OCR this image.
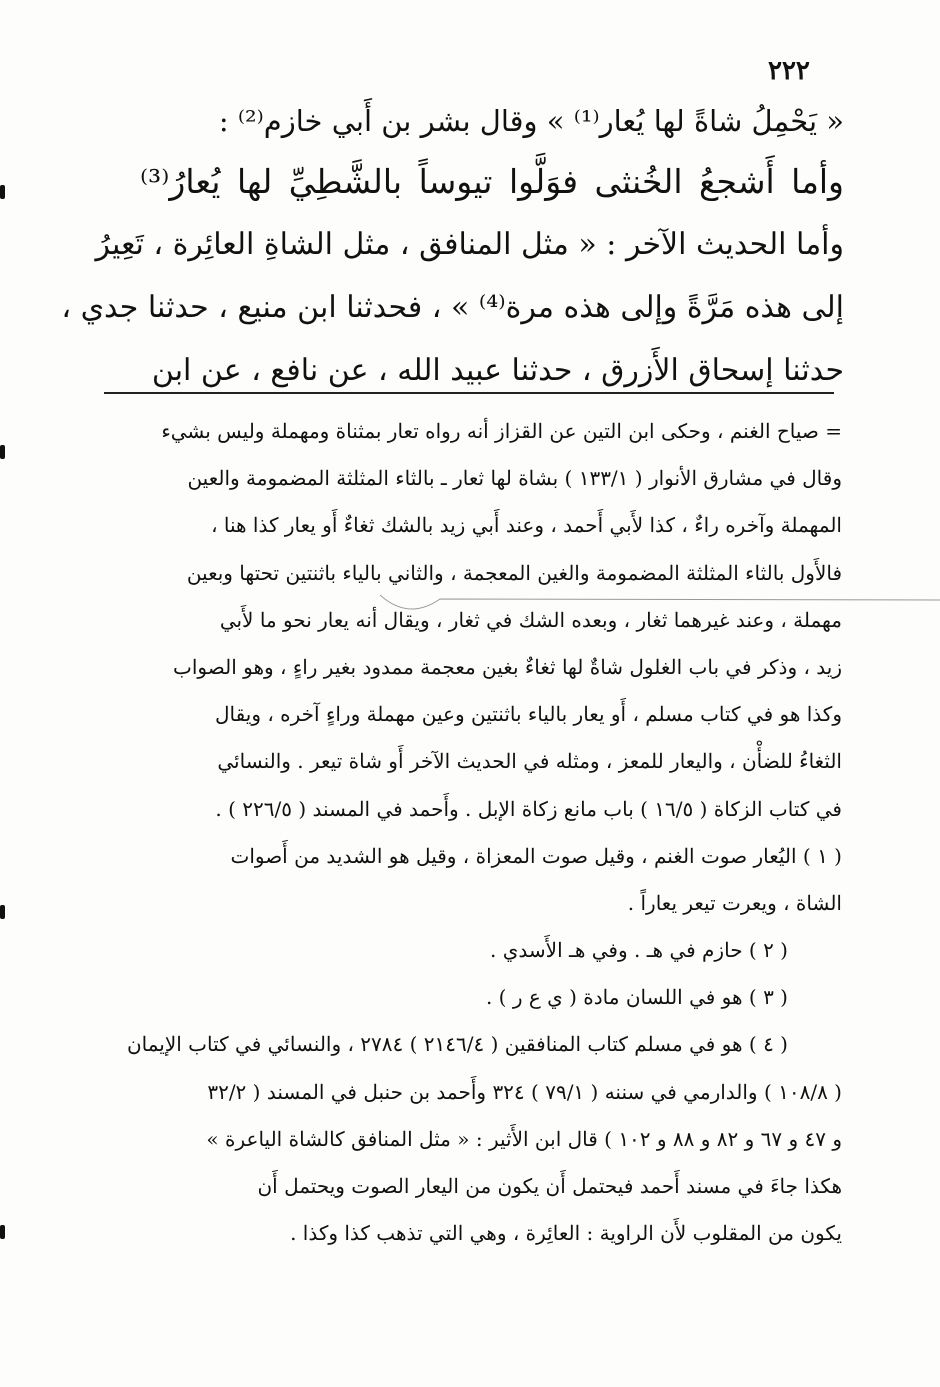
٢٢٢
« يَحْمِلُ شاةً لها يُعار⁽¹⁾ » وقال بشر بن أَبي خازم⁽²⁾ :
وأما أَشجعُ الخُنثى فوَلَّوا تيوساً بالشَّطِيِّ لها يُعارُ⁽³⁾
وأما الحديث الآخر : « مثل المنافق ، مثل الشاةِ العائِرة ، تَعِيرُ
إلى هذه مَرَّةً وإلى هذه مرة⁽⁴⁾ » ، فحدثنا ابن منيع ، حدثنا جدي ،
حدثنا إسحاق الأَزرق ، حدثنا عبيد الله ، عن نافع ، عن ابن
= صياح الغنم ، وحكى ابن التين عن القزاز أنه رواه تعار بمثناة ومهملة وليس بشيء
وقال في مشارق الأنوار ( ١٣٣/١ ) بشاة لها ثعار ـ بالثاء المثلثة المضمومة والعين
المهملة وآخره راءٌ ، كذا لأَبي أَحمد ، وعند أَبي زيد بالشك ثغاءٌ أَو يعار كذا هنا ،
فالأَول بالثاء المثلثة المضمومة والغين المعجمة ، والثاني بالياء باثنتين تحتها وبعين
مهملة ، وعند غيرهما ثغار ، وبعده الشك في ثغار ، ويقال أنه يعار نحو ما لأَبي
زيد ، وذكر في باب الغلول شاةٌ لها ثغاءٌ بغين معجمة ممدود بغير راءٍ ، وهو الصواب
وكذا هو في كتاب مسلم ، أَو يعار بالياء باثنتين وعين مهملة وراءٍ آخره ، ويقال
الثغاءُ للضأْن ، واليعار للمعز ، ومثله في الحديث الآخر أَو شاة تيعر . والنسائي
في كتاب الزكاة ( ١٦/٥ ) باب مانع زكاة الإبل . وأَحمد في المسند ( ٢٢٦/٥ ) .
( ١ ) اليُعار صوت الغنم ، وقيل صوت المعزاة ، وقيل هو الشديد من أَصوات
الشاة ، ويعرت تيعر يعاراً .
( ٢ ) حازم في هـ . وفي هـ الأَسدي .
( ٣ ) هو في اللسان مادة ( ي ع ر ) .
( ٤ ) هو في مسلم كتاب المنافقين ( ٢١٤٦/٤ ) ٢٧٨٤ ، والنسائي في كتاب الإيمان
( ١٠٨/٨ ) والدارمي في سننه ( ٧٩/١ ) ٣٢٤ وأَحمد بن حنبل في المسند ( ٣٢/٢
و ٤٧ و ٦٧ و ٨٢ و ٨٨ و ١٠٢ ) قال ابن الأَثير : « مثل المنافق كالشاة الياعرة »
هكذا جاءَ في مسند أَحمد فيحتمل أَن يكون من اليعار الصوت ويحتمل أَن
يكون من المقلوب لأَن الراوية : العائِرة ، وهي التي تذهب كذا وكذا .
